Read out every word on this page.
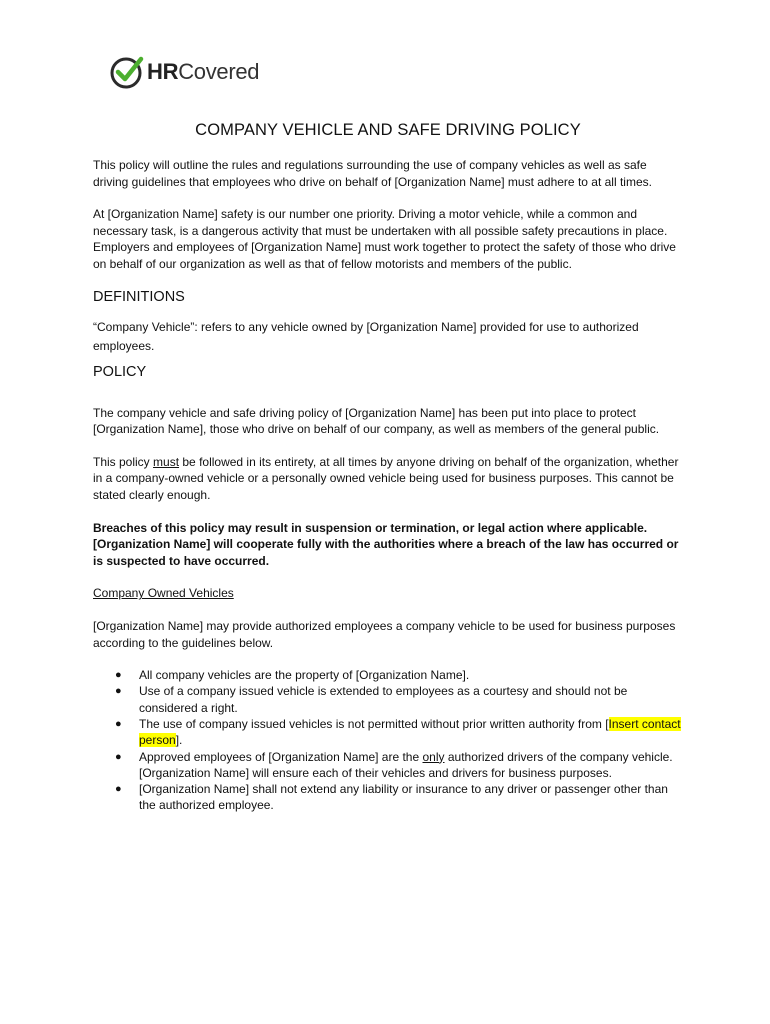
HRCovered
COMPANY VEHICLE AND SAFE DRIVING POLICY

This policy will outline the rules and regulations surrounding the use of company vehicles as well as safe driving guidelines that employees who drive on behalf of [Organization Name] must adhere to at all times.

At [Organization Name] safety is our number one priority. Driving a motor vehicle, while a common and necessary task, is a dangerous activity that must be undertaken with all possible safety precautions in place. Employers and employees of [Organization Name] must work together to protect the safety of those who drive on behalf of our organization as well as that of fellow motorists and members of the public.

DEFINITIONS

“Company Vehicle”: refers to any vehicle owned by [Organization Name] provided for use to authorized employees.

POLICY

The company vehicle and safe driving policy of [Organization Name] has been put into place to protect [Organization Name], those who drive on behalf of our company, as well as members of the general public.

This policy must be followed in its entirety, at all times by anyone driving on behalf of the organization, whether in a company-owned vehicle or a personally owned vehicle being used for business purposes. This cannot be stated clearly enough.

Breaches of this policy may result in suspension or termination, or legal action where applicable. [Organization Name] will cooperate fully with the authorities where a breach of the law has occurred or is suspected to have occurred.

Company Owned Vehicles

[Organization Name] may provide authorized employees a company vehicle to be used for business purposes according to the guidelines below.

● All company vehicles are the property of [Organization Name].
● Use of a company issued vehicle is extended to employees as a courtesy and should not be considered a right.
● The use of company issued vehicles is not permitted without prior written authority from [Insert contact person].
● Approved employees of [Organization Name] are the only authorized drivers of the company vehicle. [Organization Name] will ensure each of their vehicles and drivers for business purposes.
● [Organization Name] shall not extend any liability or insurance to any driver or passenger other than the authorized employee.
